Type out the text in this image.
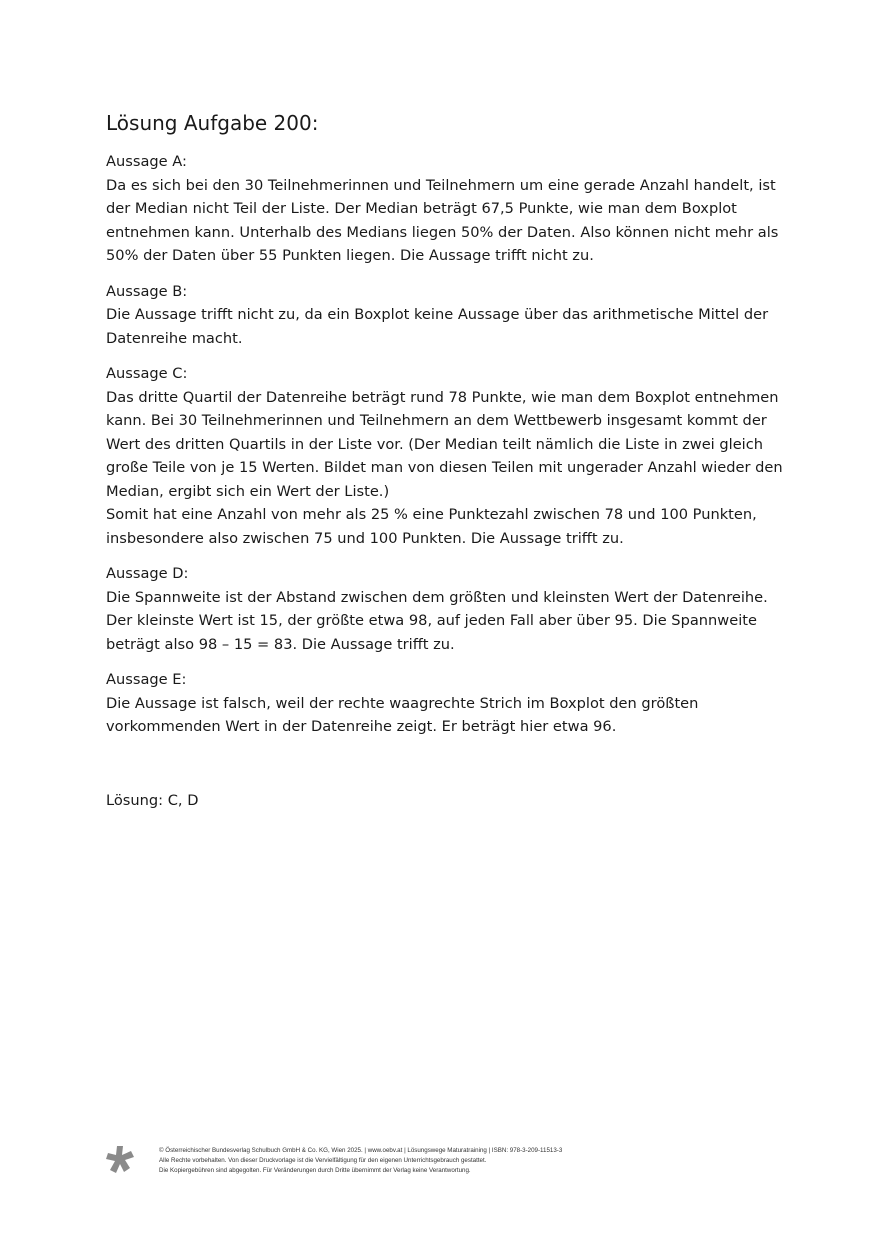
Lösung Aufgabe 200:

Aussage A:

Da es sich bei den 30 Teilnehmerinnen und Teilnehmern um eine gerade Anzahl handelt, ist

der Median nicht Teil der Liste. Der Median beträgt 67,5 Punkte, wie man dem Boxplot

entnehmen kann. Unterhalb des Medians liegen 50% der Daten. Also können nicht mehr als

50% der Daten über 55 Punkten liegen. Die Aussage trifft nicht zu.

Aussage B:

Die Aussage trifft nicht zu, da ein Boxplot keine Aussage über das arithmetische Mittel der

Datenreihe macht.

Aussage C:

Das dritte Quartil der Datenreihe beträgt rund 78 Punkte, wie man dem Boxplot entnehmen

kann. Bei 30 Teilnehmerinnen und Teilnehmern an dem Wettbewerb insgesamt kommt der

Wert des dritten Quartils in der Liste vor. (Der Median teilt nämlich die Liste in zwei gleich

große Teile von je 15 Werten. Bildet man von diesen Teilen mit ungerader Anzahl wieder den

Median, ergibt sich ein Wert der Liste.)

Somit hat eine Anzahl von mehr als 25 % eine Punktezahl zwischen 78 und 100 Punkten,

insbesondere also zwischen 75 und 100 Punkten. Die Aussage trifft zu.

Aussage D:

Die Spannweite ist der Abstand zwischen dem größten und kleinsten Wert der Datenreihe.

Der kleinste Wert ist 15, der größte etwa 98, auf jeden Fall aber über 95. Die Spannweite

beträgt also 98 – 15 = 83. Die Aussage trifft zu.

Aussage E:

Die Aussage ist falsch, weil der rechte waagrechte Strich im Boxplot den größten

vorkommenden Wert in der Datenreihe zeigt. Er beträgt hier etwa 96.

Lösung: C, D

© Österreichischer Bundesverlag Schulbuch GmbH & Co. KG, Wien 2025. | www.oebv.at | Lösungswege Maturatraining | ISBN: 978-3-209-11513-3

Alle Rechte vorbehalten. Von dieser Druckvorlage ist die Vervielfältigung für den eigenen Unterrichtsgebrauch gestattet.

Die Kopiergebühren sind abgegolten. Für Veränderungen durch Dritte übernimmt der Verlag keine Verantwortung.
